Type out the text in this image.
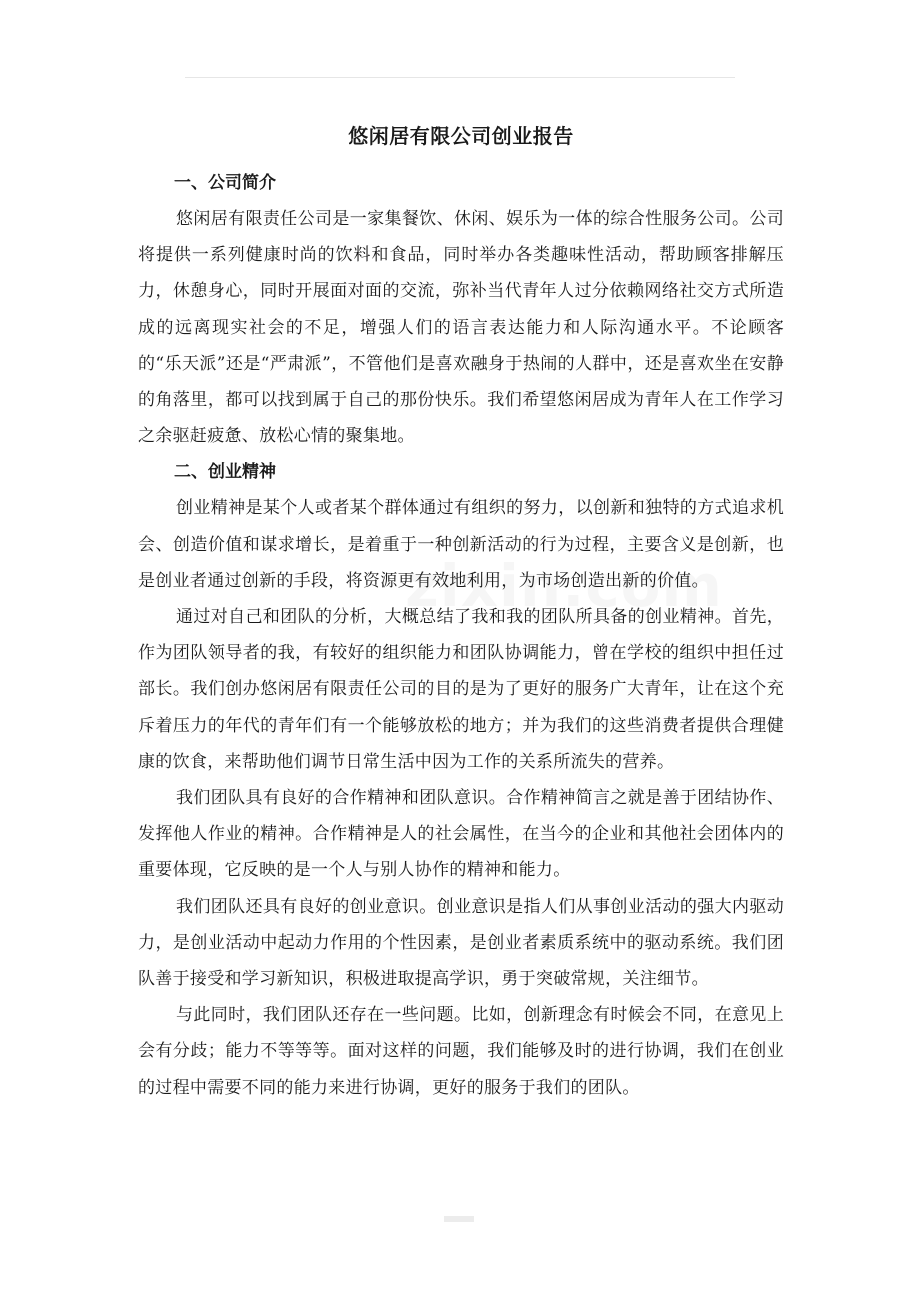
悠闲居有限公司创业报告
一、公司简介

悠闲居有限责任公司是一家集餐饮、休闲、娱乐为一体的综合性服务公司。公司将提供一系列健康时尚的饮料和食品，同时举办各类趣味性活动，帮助顾客排解压力，休憩身心，同时开展面对面的交流，弥补当代青年人过分依赖网络社交方式所造成的远离现实社会的不足，增强人们的语言表达能力和人际沟通水平。不论顾客的“乐天派”还是“严肃派”，不管他们是喜欢融身于热闹的人群中，还是喜欢坐在安静的角落里，都可以找到属于自己的那份快乐。我们希望悠闲居成为青年人在工作学习之余驱赶疲惫、放松心情的聚集地。

二、创业精神

创业精神是某个人或者某个群体通过有组织的努力，以创新和独特的方式追求机会、创造价值和谋求增长，是着重于一种创新活动的行为过程，主要含义是创新，也是创业者通过创新的手段，将资源更有效地利用，为市场创造出新的价值。

通过对自己和团队的分析，大概总结了我和我的团队所具备的创业精神。首先，作为团队领导者的我，有较好的组织能力和团队协调能力，曾在学校的组织中担任过部长。我们创办悠闲居有限责任公司的目的是为了更好的服务广大青年，让在这个充斥着压力的年代的青年们有一个能够放松的地方；并为我们的这些消费者提供合理健康的饮食，来帮助他们调节日常生活中因为工作的关系所流失的营养。

我们团队具有良好的合作精神和团队意识。合作精神简言之就是善于团结协作、发挥他人作业的精神。合作精神是人的社会属性，在当今的企业和其他社会团体内的重要体现，它反映的是一个人与别人协作的精神和能力。

我们团队还具有良好的创业意识。创业意识是指人们从事创业活动的强大内驱动力，是创业活动中起动力作用的个性因素，是创业者素质系统中的驱动系统。我们团队善于接受和学习新知识，积极进取提高学识，勇于突破常规，关注细节。

与此同时，我们团队还存在一些问题。比如，创新理念有时候会不同，在意见上会有分歧；能力不等等等。面对这样的问题，我们能够及时的进行协调，我们在创业的过程中需要不同的能力来进行协调，更好的服务于我们的团队。
